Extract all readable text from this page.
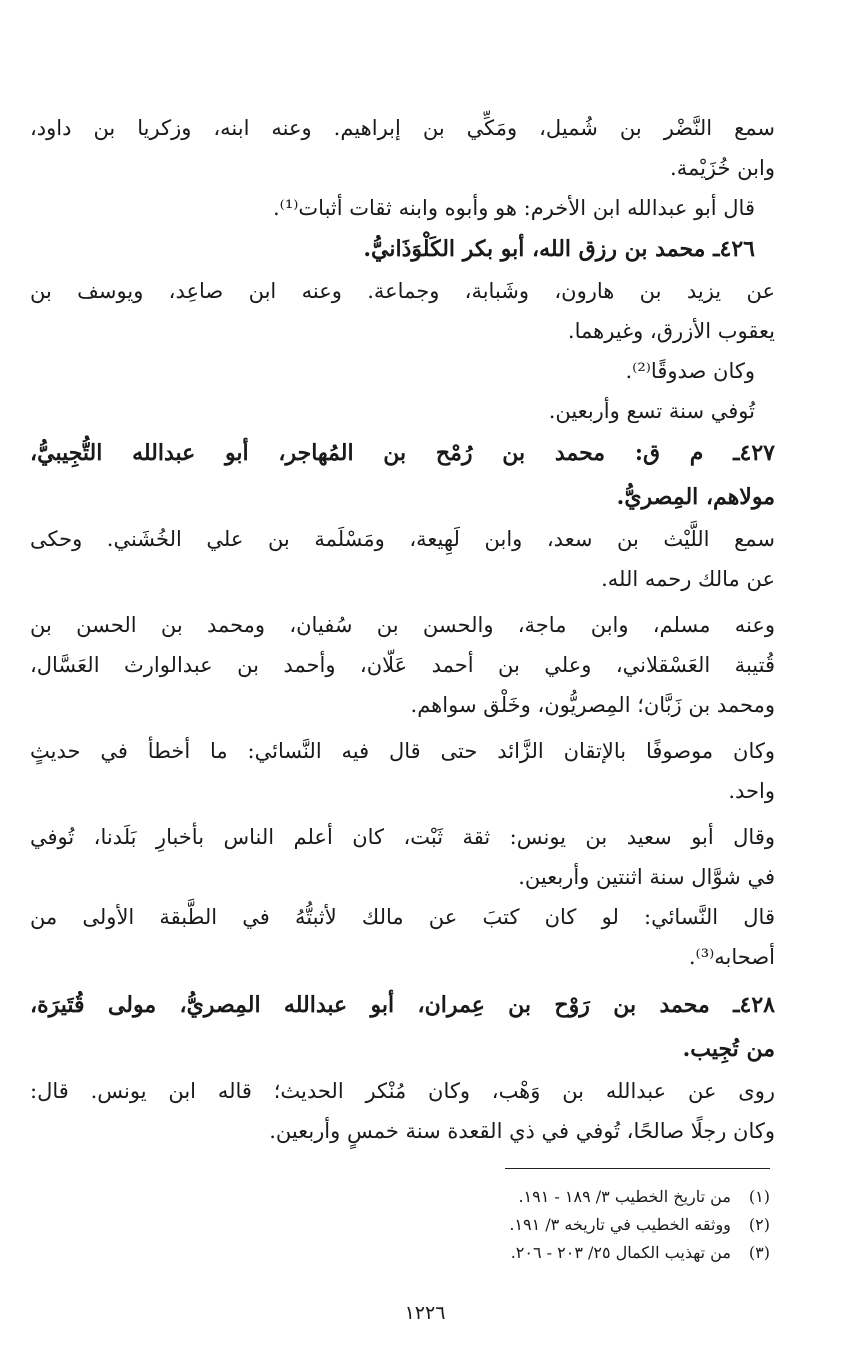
سمع النَّضْر بن شُميل، ومَكِّي بن إبراهيم. وعنه ابنه، وزكريا بن داود،
وابن خُزَيْمة.
قال أبو عبدالله ابن الأخرم: هو وأبوه وابنه ثقات أثبات⁽¹⁾.
٤٢٦ـ محمد بن رزق الله، أبو بكر الكَلْوَذَانيُّ.
عن يزيد بن هارون، وشَبابة، وجماعة. وعنه ابن صاعِد، ويوسف بن
يعقوب الأزرق، وغيرهما.
وكان صدوقًا⁽²⁾.
تُوفي سنة تسع وأربعين.
٤٢٧ـ م ق: محمد بن رُمْح بن المُهاجر، أبو عبدالله التُّجِيبيُّ،
مولاهم، المِصريُّ.
سمع اللَّيْث بن سعد، وابن لَهِيعة، ومَسْلَمة بن علي الخُشَني. وحكى
عن مالك رحمه الله.
وعنه مسلم، وابن ماجة، والحسن بن سُفيان، ومحمد بن الحسن بن
قُتيبة العَسْقلاني، وعلي بن أحمد عَلّان، وأحمد بن عبدالوارث العَسَّال،
ومحمد بن زَبَّان؛ المِصريُّون، وخَلْق سواهم.
وكان موصوفًا بالإتقان الزَّائد حتى قال فيه النَّسائي: ما أخطأ في حديثٍ
واحد.
وقال أبو سعيد بن يونس: ثقة ثَبْت، كان أعلم الناس بأخبارِ بَلَدنا، تُوفي
في شوَّال سنة اثنتين وأربعين.
قال النَّسائي: لو كان كتبَ عن مالك لأثبتُّهُ في الطَّبقة الأولى من
أصحابه⁽³⁾.
٤٢٨ـ محمد بن رَوْح بن عِمران، أبو عبدالله المِصريُّ، مولى قُتَيرَة،
من تُجِيب.
روى عن عبدالله بن وَهْب، وكان مُنْكر الحديث؛ قاله ابن يونس. قال:
وكان رجلًا صالحًا، تُوفي في ذي القعدة سنة خمسٍ وأربعين.
(١) من تاريخ الخطيب ٣/ ١٨٩ - ١٩١.
(٢) ووثقه الخطيب في تاريخه ٣/ ١٩١.
(٣) من تهذيب الكمال ٢٥/ ٢٠٣ - ٢٠٦.
١٢٢٦
